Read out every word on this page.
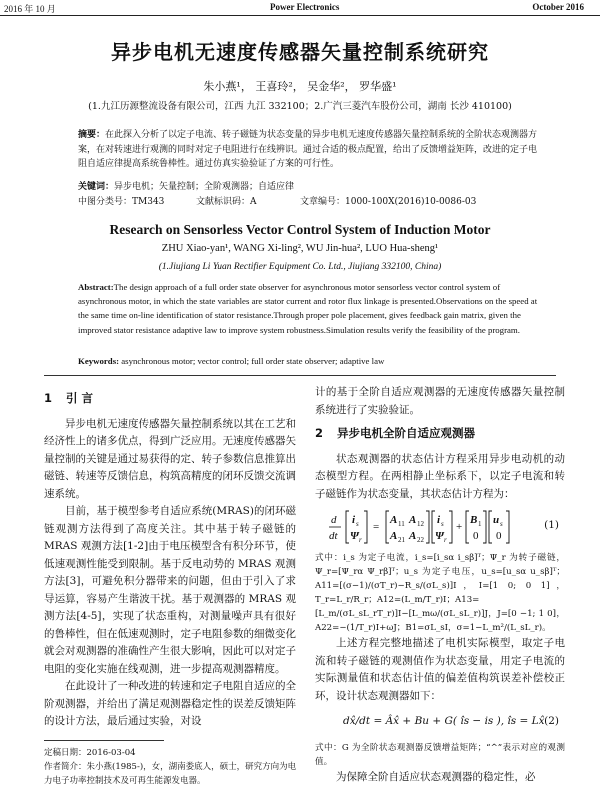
2016 年 10 月	Power Electronics	October 2016
异步电机无速度传感器矢量控制系统研究
朱小燕¹， 王喜玲²， 吴金华²， 罗华盛¹
(1.九江历源整流设备有限公司，江西 九江 332100；2.广汽三菱汽车股份公司，湖南 长沙 410100)
摘要：在此探入分析了以定子电流、转子磁链为状态变量的异步电机无速度传感器矢量控制系统的全阶状态观测器方案，在对转速进行观测的同时对定子电阻进行在线辨识。通过合适的极点配置，给出了反馈增益矩阵，改进的定子电阻自适应律提高系统鲁棒性。通过仿真实验验证了方案的可行性。
关键词：异步电机；矢量控制；全阶观测器；自适应律
中图分类号：TM343	文献标识码：A	文章编号：1000-100X(2016)10-0086-03
Research on Sensorless Vector Control System of Induction Motor
ZHU Xiao-yan¹, WANG Xi-ling², WU Jin-hua², LUO Hua-sheng¹
(1.Jiujiang Li Yuan Rectifier Equipment Co. Ltd., Jiujiang 332100, China)
Abstract:The design approach of a full order state observer for asynchronous motor sensorless vector control system of asynchronous motor, in which the state variables are stator current and rotor flux linkage is presented.Observations on the speed at the same time on-line identification of stator resistance.Through proper pole placement, gives feedback gain matrix, given the improved stator resistance adaptive law to improve system robustness.Simulation results verify the feasibility of the program.
Keywords: asynchronous motor; vector control; full order state observer; adaptive law
1 引 言

异步电机无速度传感器矢量控制系统以其在工艺和经济性上的诸多优点，得到广泛应用。无速度传感器矢量控制的关键是通过易获得的定、转子参数信息推算出磁链、转速等反馈信息，构筑高精度的闭环反馈交流调速系统。

目前，基于模型参考自适应系统(MRAS)的闭环磁链观测方法得到了高度关注。其中基于转子磁链的 MRAS 观测方法[1-2]由于电压模型含有积分环节，使低速观测性能受到限制。基于反电动势的 MRAS 观测方法[3]，可避免积分器带来的问题，但由于引入了求导运算，容易产生谐波干扰。基于观测器的 MRAS 观测方法[4-5]，实现了状态重构，对测量噪声具有很好的鲁棒性，但在低速观测时，定子电阻参数的细微变化就会对观测器的准确性产生很大影响，因此可以对定子电阻的变化实施在线观测，进一步提高观测器精度。

在此设计了一种改进的转速和定子电阻自适应的全阶观测器，并给出了满足观测器稳定性的误差反馈矩阵的设计方法，最后通过实验，对设

定稿日期：2016-03-04
作者简介：朱小燕(1985-)，女，湖南娄底人，硕士，研究方向为电力电子功率控制技术及可再生能源发电器。

计的基于全阶自适应观测器的无速度传感器矢量控制系统进行了实验验证。

2 异步电机全阶自适应观测器

状态观测器的状态估计方程采用异步电动机的动态模型方程。在两相静止坐标系下，以定子电流和转子磁链作为状态变量，其状态估计方程为：

d
dt
i s
Ψ r
=
A 11 A 12
A 21 A 22
i s
Ψ r
+
B 1
0
u s
0
(1)
式中：i_s 为定子电流，i_s=[i_sα i_sβ]ᵀ；Ψ_r 为转子磁链，Ψ_r=[Ψ_rα Ψ_rβ]ᵀ；u_s 为定子电压，u_s=[u_sα u_sβ]ᵀ；A11=[(σ−1)/(σT_r)−R_s/(σL_s)]I，I=[1 0; 0 1]，T_r=L_r/R_r；A12=(L_m/T_r)I；A13=[L_m/(σL_sL_rT_r)]I−[L_mω/(σL_sL_r)]J，J=[0 −1; 1 0]，A22=−(1/T_r)I+ωJ；B1=σL_sI，σ=1−L_m²/(L_sL_r)。

上述方程完整地描述了电机实际模型，取定子电流和转子磁链的观测值作为状态变量，用定子电流的实际测量值和状态估计值的偏差值构筑误差补偿校正环，设计状态观测器如下：

dx̂/dt = Âx̂ + Bu + G( îs − is ), îs = Lx̂ (2)
式中：G 为全阶状态观测器反馈增益矩阵；“^”表示对应的观测值。

为保障全阶自适应状态观测器的稳定性，必
